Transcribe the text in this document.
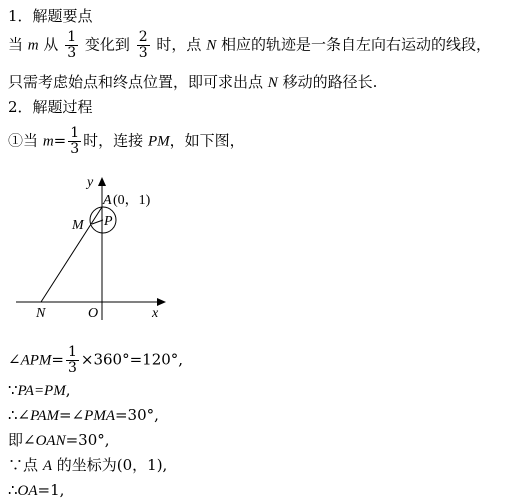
1．解题要点
当 m 从 $\frac{1}{3}$ 变化到 $\frac{2}{3}$ 时，点 N 相应的轨迹是一条自左向右运动的线段，
只需考虑始点和终点位置，即可求出点 N 移动的路径长.
2．解题过程
①当 $m= \frac{1}{3}$ 时，连接 PM，如下图，
y
x
A (0，1)
M P
N	O
∠APM= $\frac{1}{3} \times 360^\circ=120^\circ$,
∵PA=PM,
∴∠PAM=∠PMA=30°,
即∠OAN=30°,
∵点 A 的坐标为(0，1),
∴OA=1,
